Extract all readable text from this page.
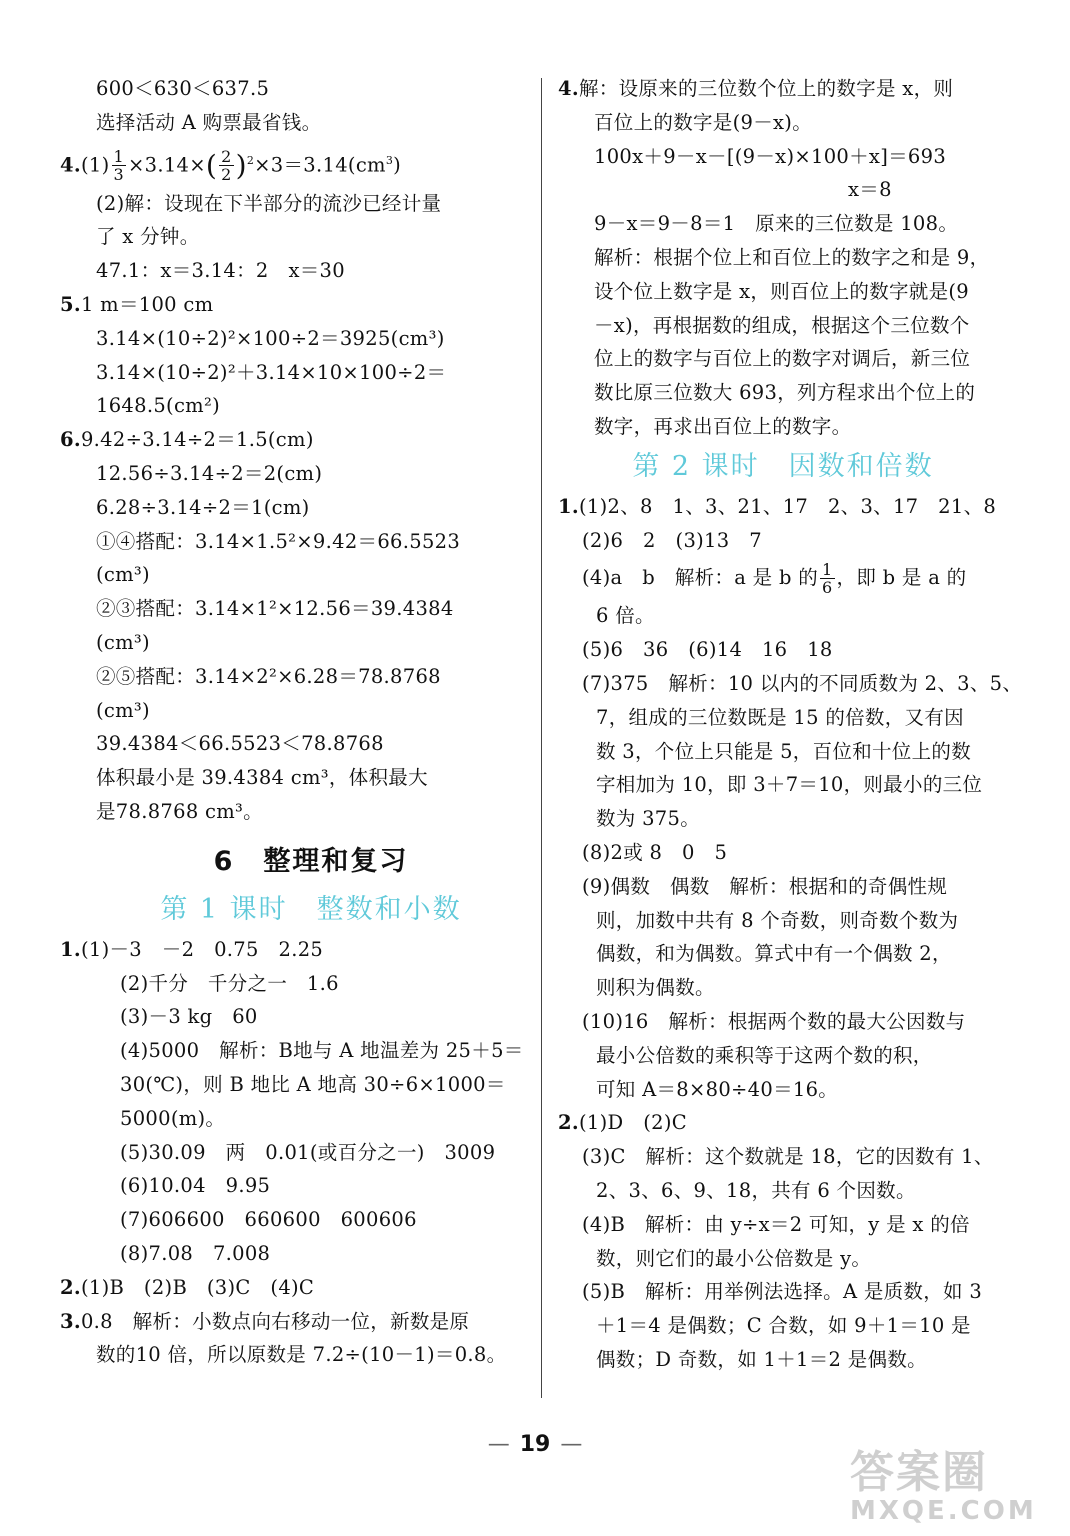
600＜630＜637.5
选择活动 A 购票最省钱。
$4.(1) \frac{1}{3} \times 3.14\times( \frac{2}{2} )^2\times 3=3.14(cm^3)$
(2)解：设现在下半部分的流沙已经计量
了 x 分钟。
47.1：x＝3.14：2　x＝30
5.1 m＝100 cm
3.14×(10÷2)²×100÷2＝3925(cm³)
3.14×(10÷2)²＋3.14×10×100÷2＝
1648.5(cm²)
6.9.42÷3.14÷2＝1.5(cm)
12.56÷3.14÷2＝2(cm)
6.28÷3.14÷2＝1(cm)
①④搭配：3.14×1.5²×9.42＝66.5523
(cm³)
②③搭配：3.14×1²×12.56＝39.4384
(cm³)
②⑤搭配：3.14×2²×6.28＝78.8768
(cm³)
39.4384＜66.5523＜78.8768
体积最小是 39.4384 cm³，体积最大
是78.8768 cm³。
6　整理和复习
第 1 课时　整数和小数
1.(1)－3　－2　0.75　2.25
(2)千分　千分之一　1.6
(3)－3 kg　60
(4)5000　解析：B地与 A 地温差为 25＋5＝
30(℃)，则 B 地比 A 地高 30÷6×1000＝
5000(m)。
(5)30.09　两　0.01(或百分之一)　3009
(6)10.04　9.95
(7)606600　660600　600606
(8)7.08　7.008
2.(1)B　(2)B　(3)C　(4)C
3.0.8　解析：小数点向右移动一位，新数是原
数的10 倍，所以原数是 7.2÷(10－1)＝0.8。
4.解：设原来的三位数个位上的数字是 x，则
百位上的数字是(9－x)。
100x＋9－x－[(9－x)×100＋x]＝693
x＝8
9－x＝9－8＝1　原来的三位数是 108。
解析：根据个位上和百位上的数字之和是 9，
设个位上数字是 x，则百位上的数字就是(9
－x)，再根据数的组成，根据这个三位数个
位上的数字与百位上的数字对调后，新三位
数比原三位数大 693，列方程求出个位上的
数字，再求出百位上的数字。
第 2 课时　因数和倍数
1.(1)2、8　1、3、21、17　2、3、17　21、8
(2)6　2　(3)13　7
(4)a　b　解析：a 是 b 的 $\frac{1}{6}$ ，即 b 是 a 的
6 倍。
(5)6　36　(6)14　16　18
(7)375　解析：10 以内的不同质数为 2、3、5、
7，组成的三位数既是 15 的倍数，又有因
数 3，个位上只能是 5，百位和十位上的数
字相加为 10，即 3＋7＝10，则最小的三位
数为 375。
(8)2或 8　0　5
(9)偶数　偶数　解析：根据和的奇偶性规
则，加数中共有 8 个奇数，则奇数个数为
偶数，和为偶数。算式中有一个偶数 2，
则积为偶数。
(10)16　解析：根据两个数的最大公因数与
最小公倍数的乘积等于这两个数的积，
可知 A＝8×80÷40＝16。
2.(1)D　(2)C
(3)C　解析：这个数就是 18，它的因数有 1、
2、3、6、9、18，共有 6 个因数。
(4)B　解析：由 y÷x＝2 可知，y 是 x 的倍
数，则它们的最小公倍数是 y。
(5)B　解析：用举例法选择。A 是质数，如 3
＋1＝4 是偶数；C 合数，如 9＋1＝10 是
偶数；D 奇数，如 1＋1＝2 是偶数。
— 19 —
答案圈
MXQE.COM
